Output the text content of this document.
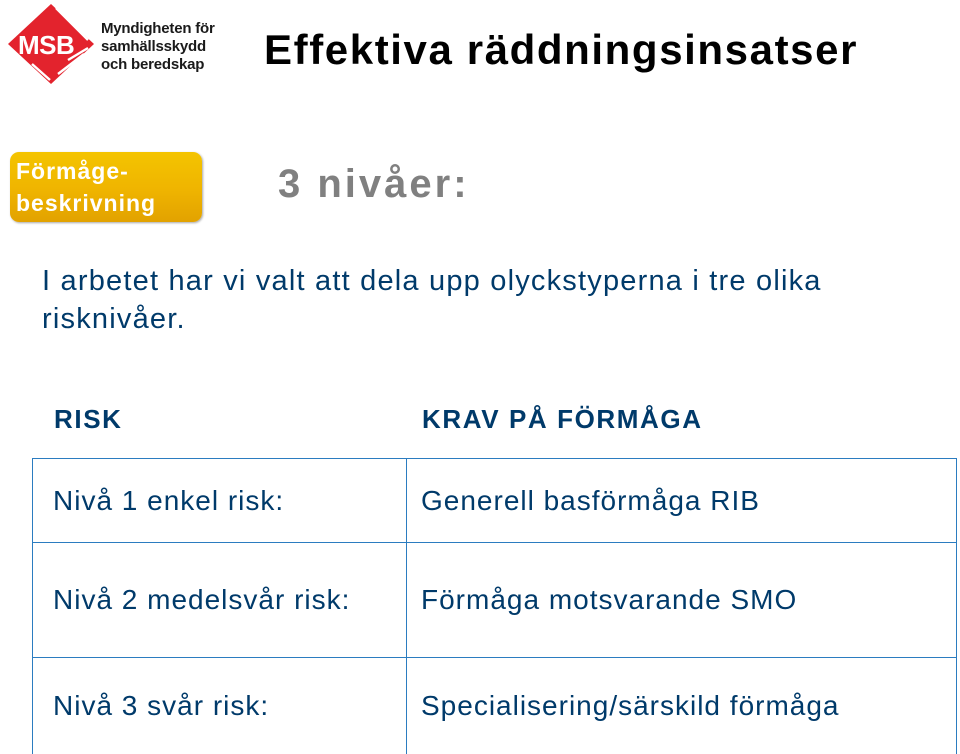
MSB
Myndigheten för
samhällsskydd
och beredskap Effektiva räddningsinsatser
Förmåge-
beskrivning	3 nivåer:
I arbetet har vi valt att dela upp olyckstyperna i tre olika
risknivåer.
RISK	KRAV PÅ FÖRMÅGA
Nivå 1 enkel risk:	Generell basförmåga RIB
Nivå 2 medelsvår risk:	Förmåga motsvarande SMO
Nivå 3 svår risk:	Specialisering/särskild förmåga
